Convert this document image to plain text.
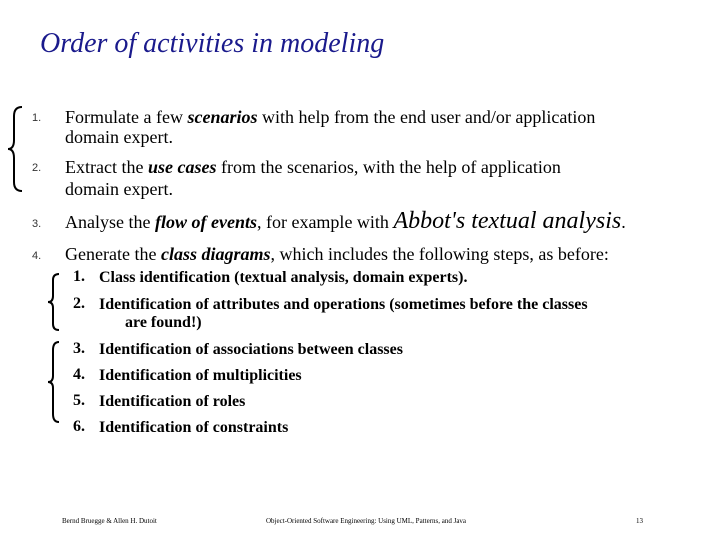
Order of activities in modeling
1. Formulate a few scenarios with help from the end user and/or application
domain expert.
2. Extract the use cases from the scenarios, with the help of application
domain expert.
3. Analyse the flow of events, for example with Abbot's textual analysis.
4. Generate the class diagrams, which includes the following steps, as before:
1. Class identification (textual analysis, domain experts).
2. Identification of attributes and operations (sometimes before the classes
are found!)
3. Identification of associations between classes
4. Identification of multiplicities
5. Identification of roles
6. Identification of constraints
Bernd Bruegge & Allen H. Dutoit	Object-Oriented Software Engineering: Using UML, Patterns, and Java	13
